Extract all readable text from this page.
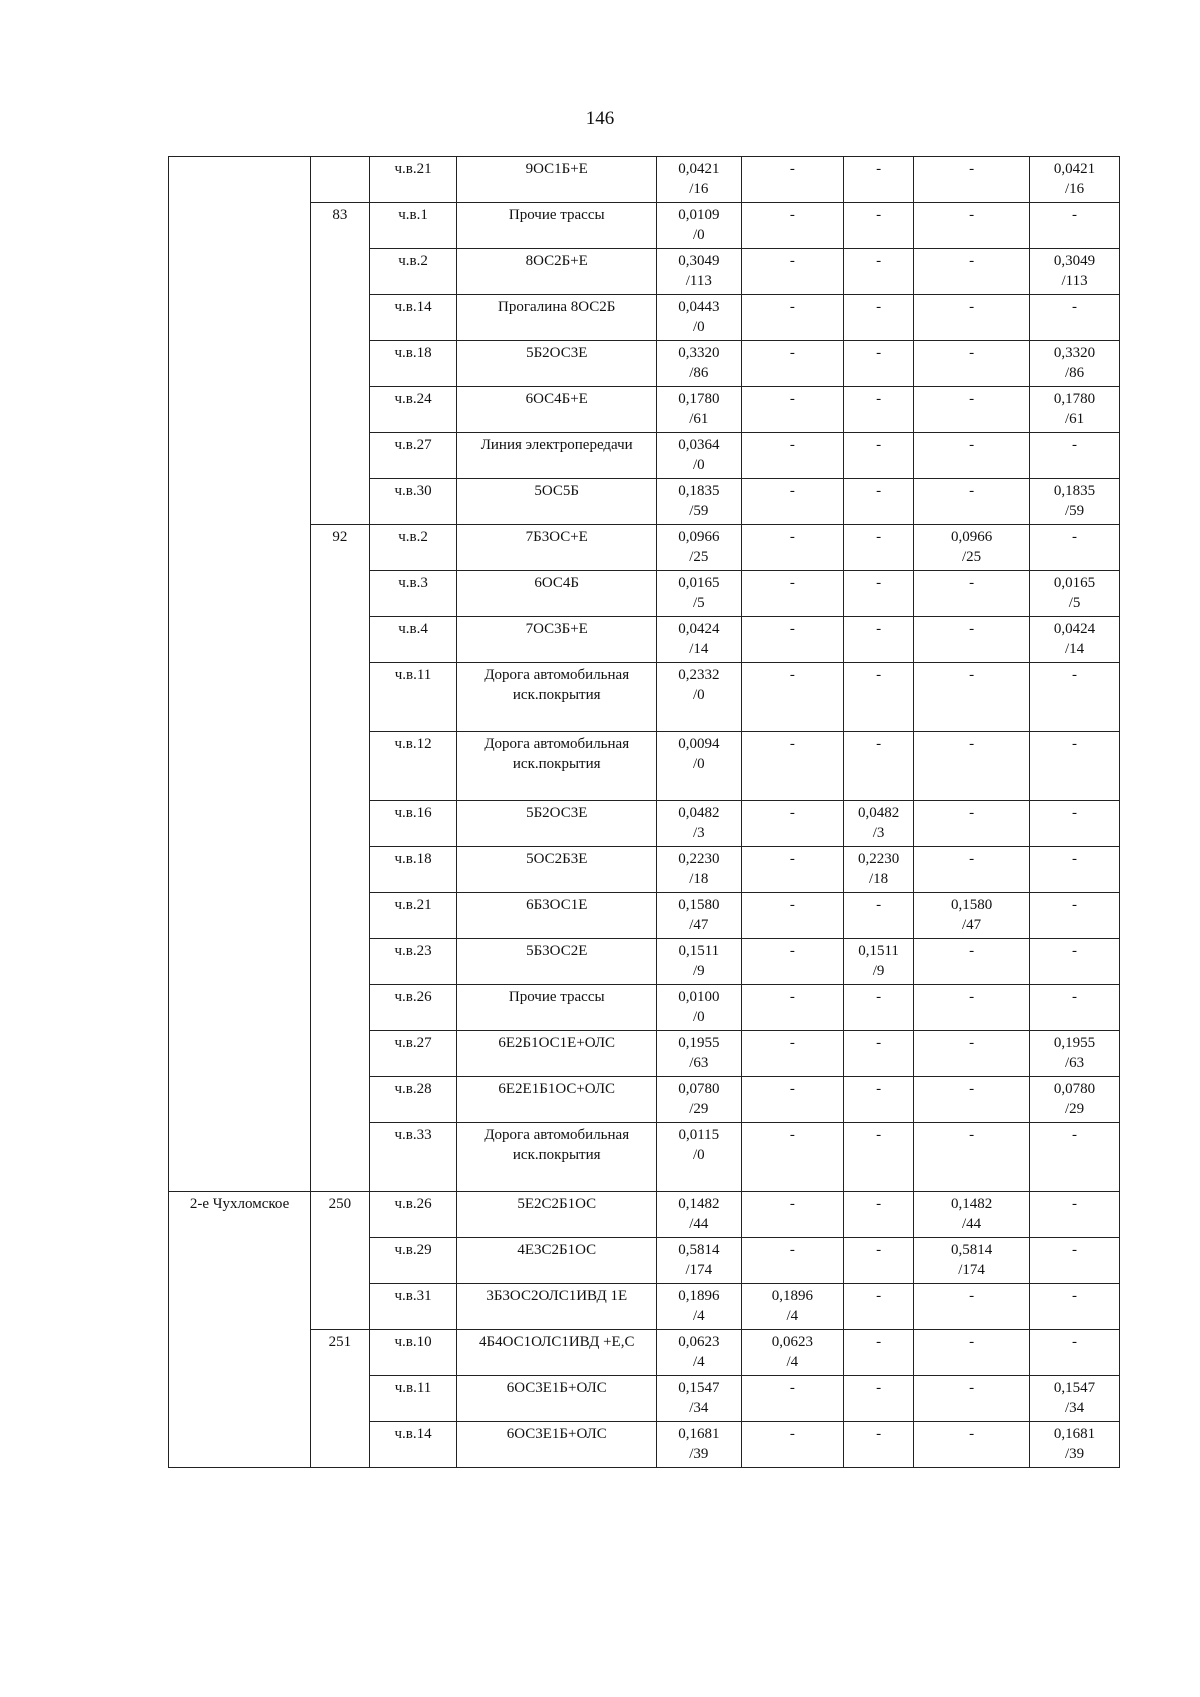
146
		ч.в.21	9ОС1Б+Е	0,0421
/16	-	-	-	0,0421
/16

	83	ч.в.1	Прочие трассы	0,0109
/0	-	-	-	-

		ч.в.2	8ОС2Б+Е	0,3049
/113	-	-	-	0,3049
/113

		ч.в.14	Прогалина 8ОС2Б	0,0443
/0	-	-	-	-

		ч.в.18	5Б2ОС3Е	0,3320
/86	-	-	-	0,3320
/86

		ч.в.24	6ОС4Б+Е	0,1780
/61	-	-	-	0,1780
/61

		ч.в.27	Линия электропередачи	0,0364
/0	-	-	-	-

		ч.в.30	5ОС5Б	0,1835
/59	-	-	-	0,1835
/59

	92	ч.в.2	7Б3ОС+Е	0,0966
/25	-	-	0,0966
/25	-

		ч.в.3	6ОС4Б	0,0165
/5	-	-	-	0,0165
/5

		ч.в.4	7ОС3Б+Е	0,0424
/14	-	-	-	0,0424
/14

		ч.в.11	Дорога автомобильная иск.покрытия	0,2332
/0	-	-	-	-

		ч.в.12	Дорога автомобильная иск.покрытия	0,0094
/0	-	-	-	-

		ч.в.16	5Б2ОС3Е	0,0482
/3	-	0,0482
/3	-	-

		ч.в.18	5ОС2Б3Е	0,2230
/18	-	0,2230
/18	-	-

		ч.в.21	6Б3ОС1Е	0,1580
/47	-	-	0,1580
/47	-

		ч.в.23	5Б3ОС2Е	0,1511
/9	-	0,1511
/9	-	-

		ч.в.26	Прочие трассы	0,0100
/0	-	-	-	-

		ч.в.27	6Е2Б1ОС1Е+ОЛС	0,1955
/63	-	-	-	0,1955
/63

		ч.в.28	6Е2Е1Б1ОС+ОЛС	0,0780
/29	-	-	-	0,0780
/29

		ч.в.33	Дорога автомобильная иск.покрытия	0,0115
/0	-	-	-	-

2-е Чухломское	250	ч.в.26	5Е2С2Б1ОС	0,1482
/44	-	-	0,1482
/44	-

		ч.в.29	4Е3С2Б1ОС	0,5814
/174	-	-	0,5814
/174	-

		ч.в.31	3Б3ОС2ОЛС1ИВД 1Е	0,1896
/4	0,1896
/4	-	-	-

	251	ч.в.10	4Б4ОС1ОЛС1ИВД +Е,С	0,0623
/4	0,0623
/4	-	-	-

		ч.в.11	6ОС3Е1Б+ОЛС	0,1547
/34	-	-	-	0,1547
/34

		ч.в.14	6ОС3Е1Б+ОЛС	0,1681
/39	-	-	-	0,1681
/39
